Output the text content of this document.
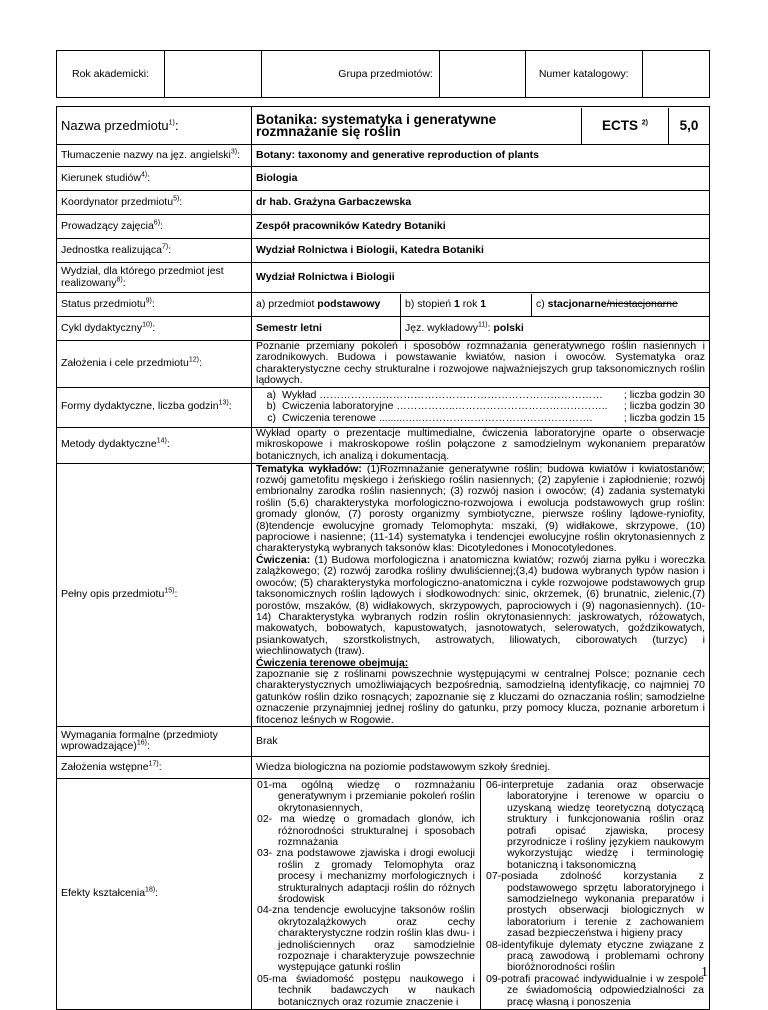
Rok akademicki:		Grupa przedmiotów:		Numer katalogowy:	
Nazwa przedmiotu$^{1)}$:		Botanika: systematyka i generatywne rozmnażanie się roślin	ECTS $^{2)}$	5,0

Tłumaczenie nazwy na jęz. angielski$^{3)}$:	Botany: taxonomy and generative reproduction of plants
Kierunek studiów$^{4)}$:	Biologia
Koordynator przedmiotu$^{5)}$:	dr hab. Grażyna Garbaczewska
Prowadzący zajęcia$^{6)}$:	Zespół pracowników Katedry Botaniki
Jednostka realizująca$^{7)}$:	Wydział Rolnictwa i Biologii, Katedra Botaniki
Wydział, dla którego przedmiot jest realizowany$^{8)}$:	Wydział Rolnictwa i Biologii
Status przedmiotu$^{9)}$:		a) przedmiot podstawowy	b) stopień 1 rok 1	c) stacjonarne/niestacjonarne

Cykl dydaktyczny$^{10)}$:	Semestr letni	Jęz. wykładowy$^{11)}$: polski
Założenia i cele przedmiotu$^{12)}$:	Poznanie przemiany pokoleń i sposobów rozmnażania generatywnego roślin nasiennych i zarodnikowych. Budowa i powstawanie kwiatów, nasion i owoców. Systematyka oraz charakterystyczne cechy strukturalne i rozwojowe najważniejszych grup taksonomicznych roślin lądowych.
Formy dydaktyczne, liczba godzin$^{13)}$:	
a) Wykład ………………………………………………………………………	; liczba godzin 30
b) Ćwiczenia laboratoryjne ……………..……………………………………..	; liczba godzin 30
c) Ćwiczenia terenowe .........…..………………………………………….	; liczba godzin 15

Metody dydaktyczne$^{14)}$:	Wykład oparty o prezentacje multimedialne, ćwiczenia laboratoryjne oparte o obserwacje mikroskopowe i makroskopowe roślin połączone z samodzielnym wykonaniem preparatów botanicznych, ich analizą i dokumentacją.
Pełny opis przedmiotu$^{15)}$:	

Tematyka wykładów: (1)Rozmnażanie generatywne roślin; budowa kwiatów i kwiatostanów; rozwój gametofitu męskiego i żeńskiego roślin nasiennych; (2) zapylenie i zapłodnienie; rozwój embrionalny zarodka roślin nasiennych; (3) rozwój nasion i owoców; (4) zadania systematyki roślin (5,6) charakterystyka morfologiczno-rozwojowa i ewolucja podstawowych grup roślin: gromady glonów, (7) porosty organizmy symbiotyczne, pierwsze rośliny lądowe-ryniofity, (8)tendencje ewolucyjne gromady Telomophyta: mszaki, (9) widłakowe, skrzypowe, (10) paprociowe i nasienne; (11-14) systematyka i tendencjei ewolucyjne roślin okrytonasiennych z charakterystyką wybranych taksonów klas: Dicotyledones i Monocotyledones.

Ćwiczenia: (1) Budowa morfologiczna i anatomiczna kwiatów; rozwój ziarna pyłku i woreczka zalążkowego; (2) rozwój zarodka rośliny dwuliściennej;(3,4) budowa wybranych typów nasion i owoców; (5) charakterystyka morfologiczno-anatomiczna i cykle rozwojowe podstawowych grup taksonomicznych roślin lądowych i słodkowodnych: sinic, okrzemek, (6) brunatnic, zielenic,(7) porostów, mszaków, (8) widłakowych, skrzypowych, paprociowych i (9) nagonasiennych). (10-14) Charakterystyka wybranych rodzin roślin okrytonasiennych: jaskrowatych, różowatych, makowatych, bobowatych, kapustowatych, jasnotowatych, selerowatych, goździkowatych, psiankowatych, szorstkolistnych, astrowatych, liliowatych, ciborowatych (turzyc) i wiechlinowatych (traw).

Ćwiczenia terenowe obejmują:

zapoznanie się z roślinami powszechnie występującymi w centralnej Polsce; poznanie cech charakterystycznych umożliwiających bezpośrednią, samodzielną identyfikację, co najmniej 70 gatunków roślin dziko rosnących; zapoznanie się z kluczami do oznaczania roślin; samodzielne oznaczenie przynajmniej jednej rośliny do gatunku, przy pomocy klucza, poznanie arboretum i fitocenoz leśnych w Rogowie.

Wymagania formalne (przedmioty wprowadzające)$^{16)}$:	Brak
Założenia wstępne$^{17)}$:	Wiedza biologiczna na poziomie podstawowym szkoły średniej.
Efekty kształcenia$^{18)}$:	

01-ma ogólną wiedzę o rozmnażaniu generatywnym i przemianie pokoleń roślin okrytonasiennych,

02- ma wiedzę o gromadach glonów, ich różnorodności strukturalnej i sposobach rozmnażania

03- zna podstawowe zjawiska i drogi ewolucji roślin z gromady Telomophyta oraz procesy i mechanizmy morfologicznych i strukturalnych adaptacji roślin do różnych środowisk

04-zna tendencje ewolucyjne taksonów roślin okrytozalążkowych oraz cechy charakterystyczne rodzin roślin klas dwu- i jednoliściennych oraz samodzielnie rozpoznaje i charakteryzuje powszechnie występujące gatunki roślin

05-ma świadomość postępu naukowego i technik badawczych w naukach botanicznych oraz rozumie znaczenie i

06-interpretuje zadania oraz obserwacje laboratoryjne i terenowe w oparciu o uzyskaną wiedzę teoretyczną dotyczącą struktury i funkcjonowania roślin oraz potrafi opisać zjawiska, procesy przyrodnicze i rośliny językiem naukowym wykorzystując wiedzę i terminologię botaniczną i taksonomiczną

07-posiada zdolność korzystania z podstawowego sprzętu laboratoryjnego i samodzielnego wykonania preparatów i prostych obserwacji biologicznych w laboratorium i terenie z zachowaniem zasad bezpieczeństwa i higieny pracy

08-identyfikuje dylematy etyczne związane z pracą zawodową i problemami ochrony bioróżnorodności roślin

09-potrafi pracować indywidualnie i w zespole ze świadomością odpowiedzialności za pracę własną i ponoszenia

1
